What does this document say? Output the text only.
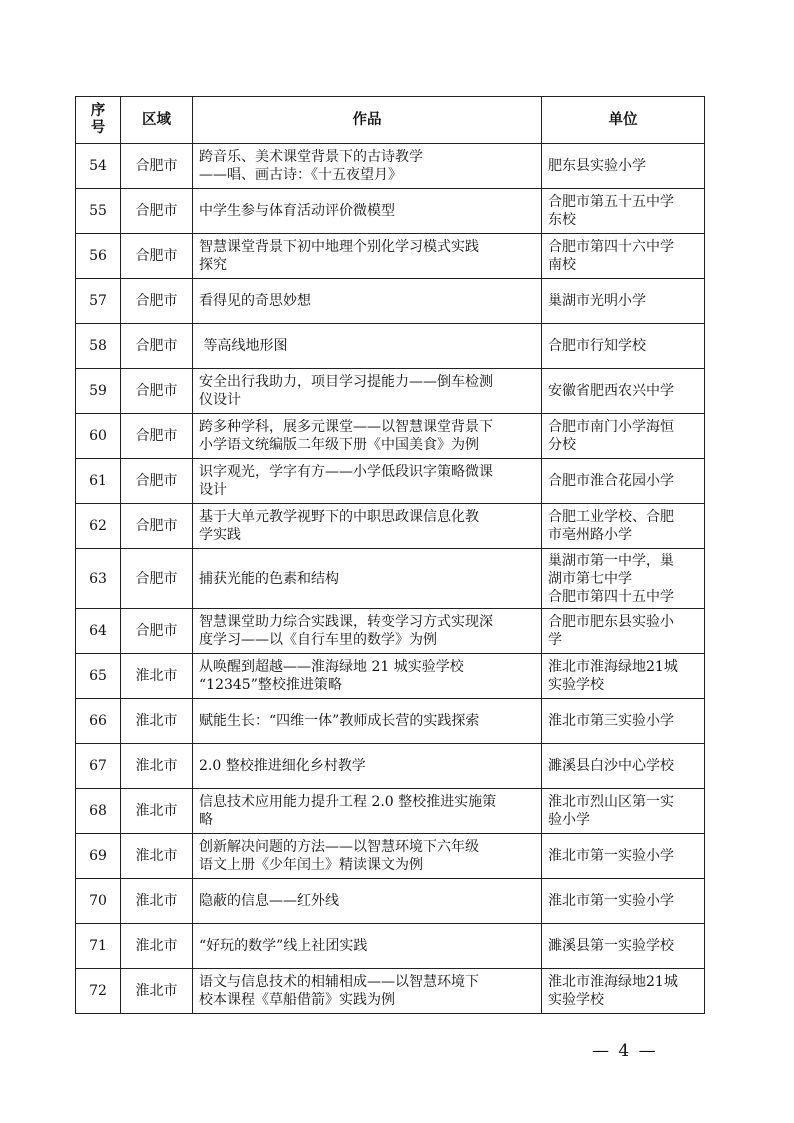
序号	区域	作品	单位
54	合肥市	跨音乐、美术课堂背景下的古诗教学
——唱、画古诗：《十五夜望月》	肥东县实验小学

55	合肥市	中学生参与体育活动评价微模型	合肥市第五十五中学
东校

56	合肥市	智慧课堂背景下初中地理个别化学习模式实践
探究	合肥市第四十六中学
南校

57	合肥市	看得见的奇思妙想	巢湖市光明小学

58	合肥市	等高线地形图	合肥市行知学校

59	合肥市	安全出行我助力，项目学习提能力——倒车检测
仪设计	安徽省肥西农兴中学

60	合肥市	跨多种学科，展多元课堂——以智慧课堂背景下
小学语文统编版二年级下册《中国美食》为例	合肥市南门小学海恒
分校

61	合肥市	识字观光，学字有方——小学低段识字策略微课
设计	合肥市淮合花园小学

62	合肥市	基于大单元教学视野下的中职思政课信息化教
学实践	合肥工业学校、合肥
市亳州路小学

63	合肥市	捕获光能的色素和结构	巢湖市第一中学，巢
湖市第七中学
合肥市第四十五中学

64	合肥市	智慧课堂助力综合实践课，转变学习方式实现深
度学习——以《自行车里的数学》为例	合肥市肥东县实验小
学

65	淮北市	从唤醒到超越——淮海绿地 21 城实验学校
“12345”整校推进策略	淮北市淮海绿地21城
实验学校

66	淮北市	赋能生长：“四维一体”教师成长营的实践探索	淮北市第三实验小学

67	淮北市	2.0 整校推进细化乡村教学	濉溪县白沙中心学校

68	淮北市	信息技术应用能力提升工程 2.0 整校推进实施策
略	淮北市烈山区第一实
验小学

69	淮北市	创新解决问题的方法——以智慧环境下六年级
语文上册《少年闰土》精读课文为例	淮北市第一实验小学

70	淮北市	隐蔽的信息——红外线	淮北市第一实验小学

71	淮北市	“好玩的数学”线上社团实践	濉溪县第一实验学校

72	淮北市	语文与信息技术的相辅相成——以智慧环境下
校本课程《草船借箭》实践为例	淮北市淮海绿地21城
实验学校
— 4 —
